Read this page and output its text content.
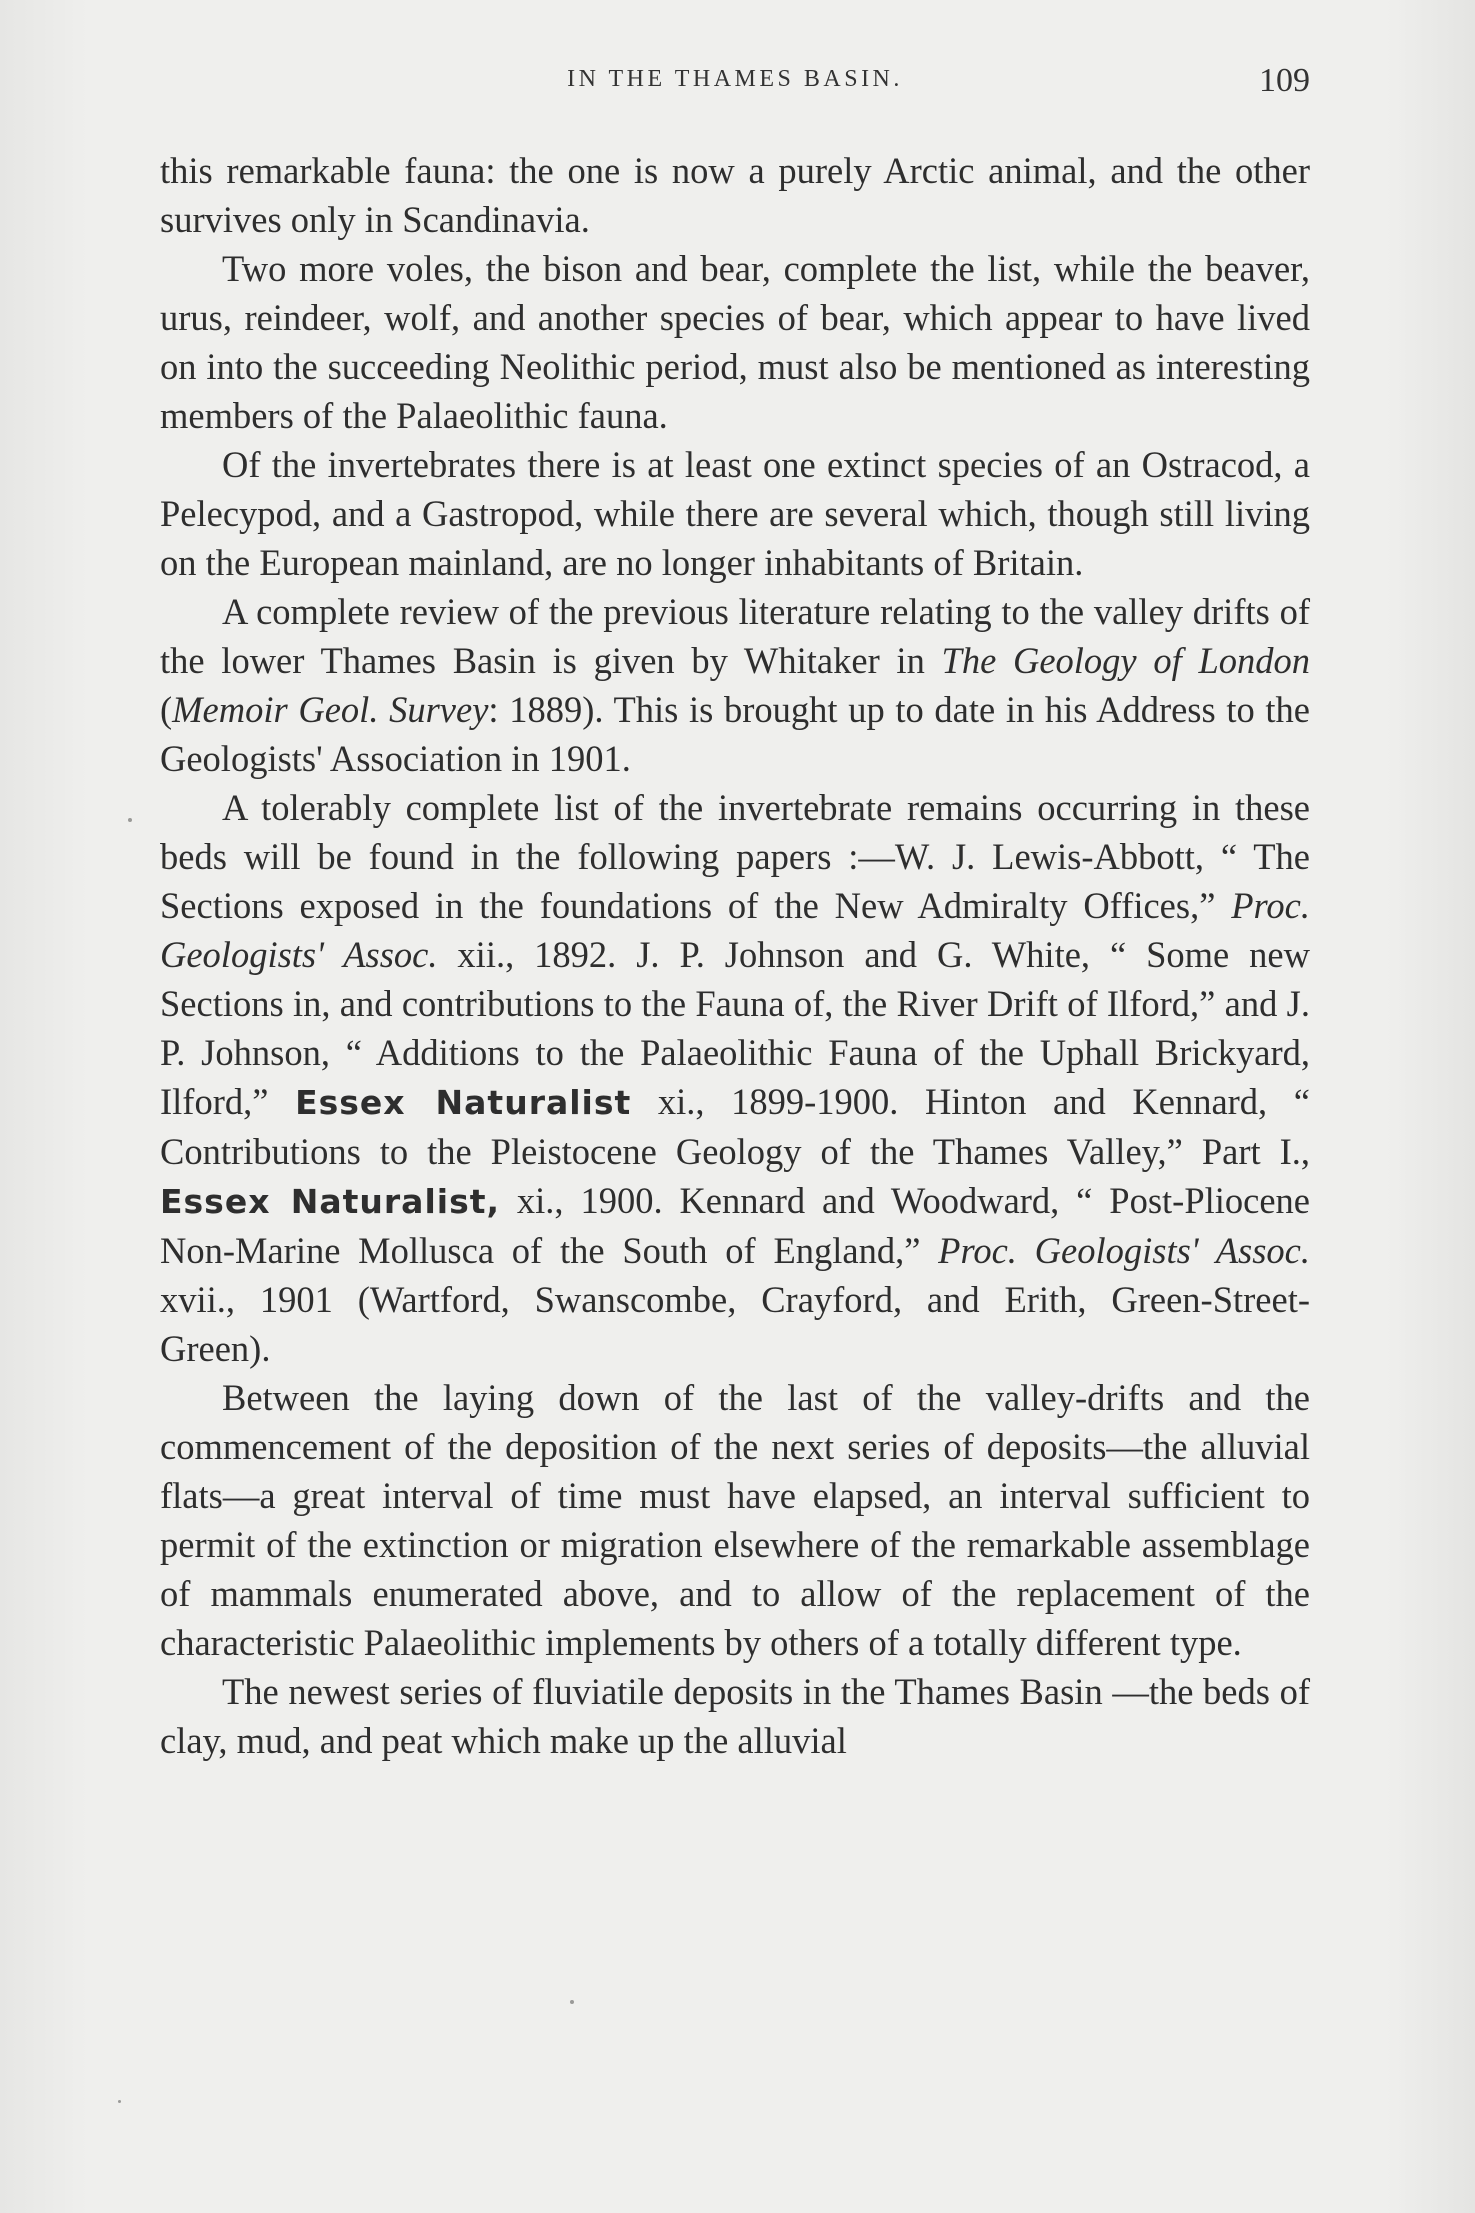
IN THE THAMES BASIN.	109

this remarkable fauna: the one is now a purely Arctic animal, and the other survives only in Scandinavia.

Two more voles, the bison and bear, complete the list, while the beaver, urus, reindeer, wolf, and another species of bear, which appear to have lived on into the succeeding Neolithic period, must also be mentioned as interesting members of the Palaeolithic fauna.

Of the invertebrates there is at least one extinct species of an Ostracod, a Pelecypod, and a Gastropod, while there are several which, though still living on the European mainland, are no longer inhabitants of Britain.

A complete review of the previous literature relating to the valley drifts of the lower Thames Basin is given by Whitaker in The Geology of London (Memoir Geol. Survey: 1889). This is brought up to date in his Address to the Geologists' Association in 1901.

A tolerably complete list of the invertebrate remains occurring in these beds will be found in the following papers :—W. J. Lewis-Abbott, “ The Sections exposed in the foundations of the New Admiralty Offices,” Proc. Geologists' Assoc. xii., 1892. J. P. Johnson and G. White, “ Some new Sections in, and contributions to the Fauna of, the River Drift of Ilford,” and J. P. Johnson, “ Additions to the Palaeolithic Fauna of the Uphall Brickyard, Ilford,” Essex Naturalist xi., 1899-1900. Hinton and Kennard, “ Contributions to the Pleistocene Geology of the Thames Valley,” Part I., Essex Naturalist, xi., 1900. Kennard and Woodward, “ Post-Pliocene Non-Marine Mollusca of the South of England,” Proc. Geologists' Assoc. xvii., 1901 (Wartford, Swanscombe, Crayford, and Erith, Green-Street-Green).

Between the laying down of the last of the valley-drifts and the commencement of the deposition of the next series of deposits—the alluvial flats—a great interval of time must have elapsed, an interval sufficient to permit of the extinction or migration elsewhere of the remarkable assemblage of mammals enumerated above, and to allow of the replacement of the characteristic Palaeolithic implements by others of a totally different type.

The newest series of fluviatile deposits in the Thames Basin —the beds of clay, mud, and peat which make up the alluvial
